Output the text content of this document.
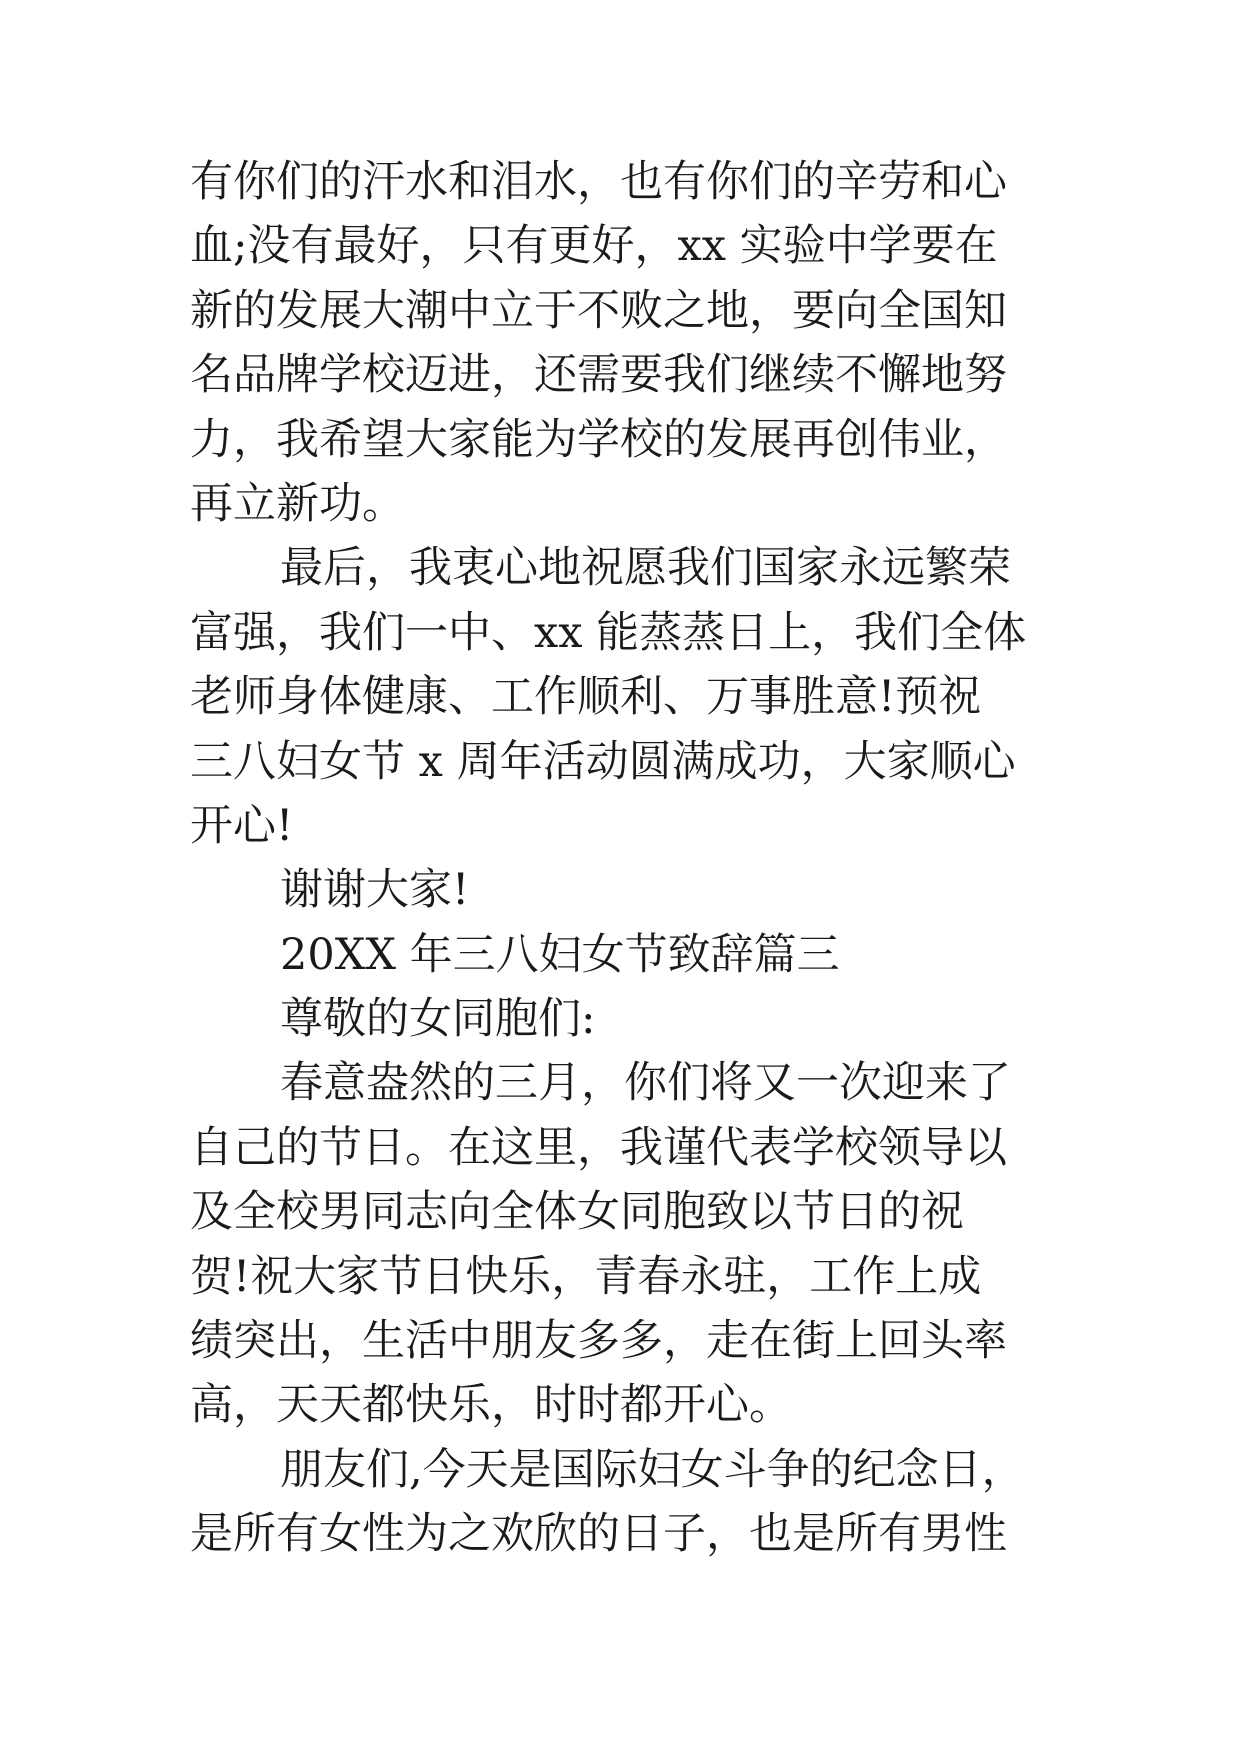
有你们的汗水和泪水，也有你们的辛劳和心
血;没有最好，只有更好，xx 实验中学要在
新的发展大潮中立于不败之地，要向全国知
名品牌学校迈进，还需要我们继续不懈地努
力，我希望大家能为学校的发展再创伟业，
再立新功。
最后，我衷心地祝愿我们国家永远繁荣
富强，我们一中、xx 能蒸蒸日上，我们全体
老师身体健康、工作顺利、万事胜意!预祝
三八妇女节 x 周年活动圆满成功，大家顺心
开心!
谢谢大家!
20XX 年三八妇女节致辞篇三
尊敬的女同胞们:
春意盎然的三月，你们将又一次迎来了
自己的节日。在这里，我谨代表学校领导以
及全校男同志向全体女同胞致以节日的祝
贺!祝大家节日快乐，青春永驻，工作上成
绩突出，生活中朋友多多，走在街上回头率
高，天天都快乐，时时都开心。
朋友们,今天是国际妇女斗争的纪念日，
是所有女性为之欢欣的日子，也是所有男性
